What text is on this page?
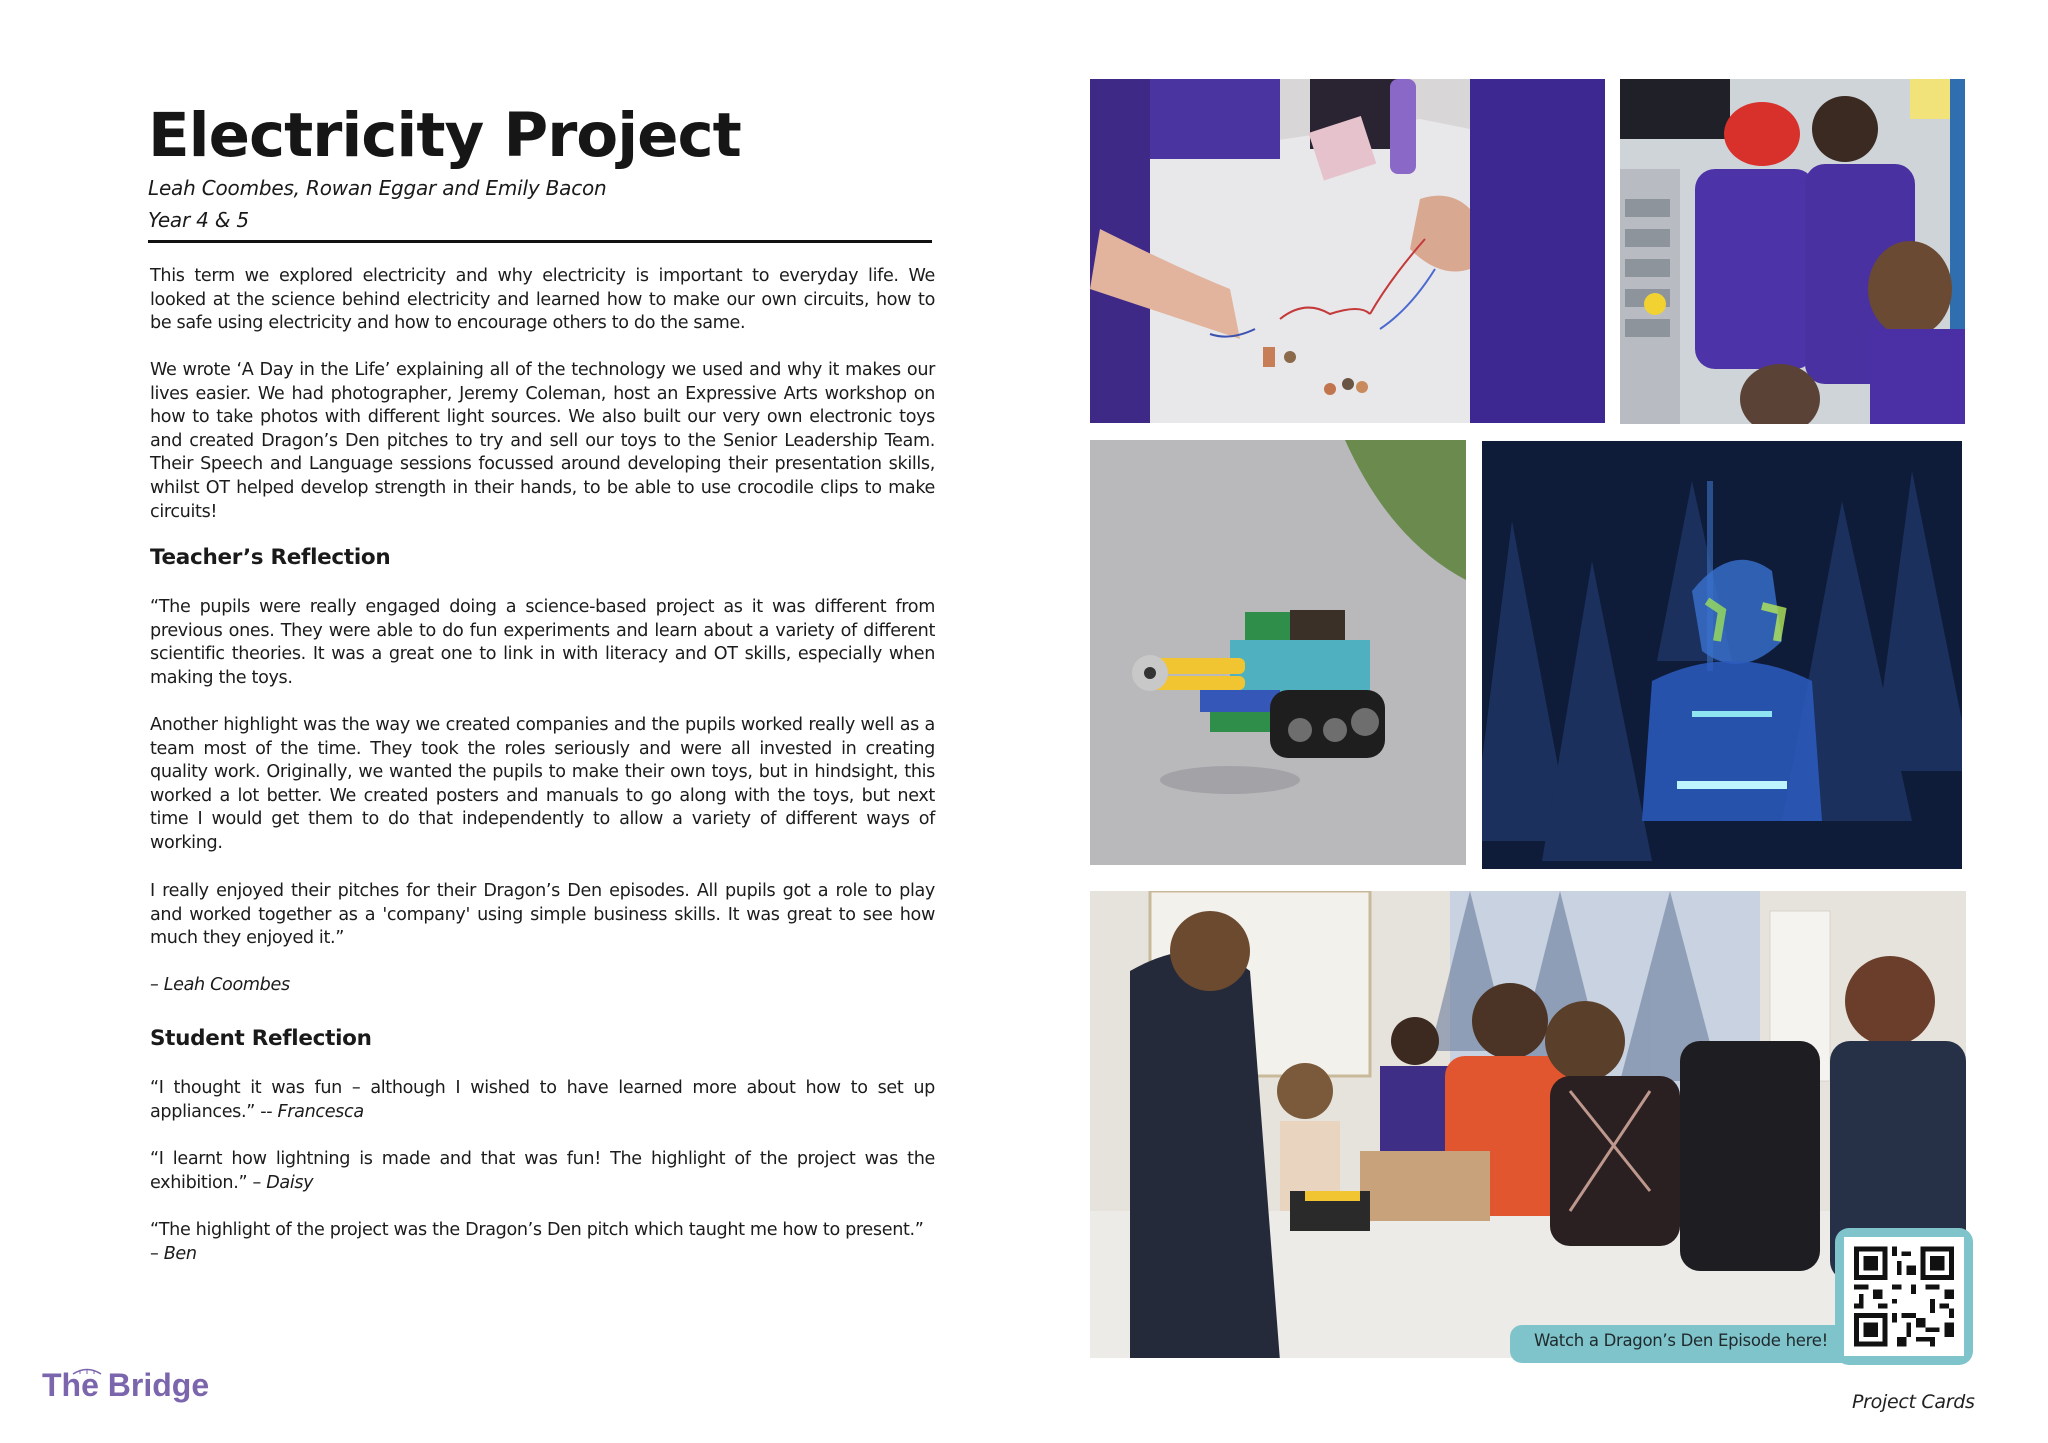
Electricity Project

Leah Coombes, Rowan Eggar and Emily Bacon

Year 4 & 5

This term we explored electricity and why electricity is important to everyday life. We looked at the science behind electricity and learned how to make our own circuits, how to be safe using electricity and how to encourage others to do the same.

We wrote ‘A Day in the Life’ explaining all of the technology we used and why it makes our lives easier. We had photographer, Jeremy Coleman, host an Expressive Arts workshop on how to take photos with different light sources. We also built our very own electronic toys and created Dragon’s Den pitches to try and sell our toys to the Senior Leadership Team. Their Speech and Language sessions focussed around developing their presentation skills, whilst OT helped develop strength in their hands, to be able to use crocodile clips to make circuits!

Teacher’s Reflection

“The pupils were really engaged doing a science-based project as it was different from previous ones. They were able to do fun experiments and learn about a variety of different scientific theories. It was a great one to link in with literacy and OT skills, especially when making the toys.

Another highlight was the way we created companies and the pupils worked really well as a team most of the time. They took the roles seriously and were all invested in creating quality work. Originally, we wanted the pupils to make their own toys, but in hindsight, this worked a lot better. We created posters and manuals to go along with the toys, but next time I would get them to do that independently to allow a variety of different ways of working.

I really enjoyed their pitches for their Dragon’s Den episodes. All pupils got a role to play and worked together as a 'company' using simple business skills. It was great to see how much they enjoyed it.”

– Leah Coombes

Student Reflection

“I thought it was fun – although I wished to have learned more about how to set up appliances.” -- Francesca

“I learnt how lightning is made and that was fun! The highlight of the project was the exhibition.” – Daisy

“The highlight of the project was the Dragon’s Den pitch which taught me how to present.”
– Ben

Watch a Dragon’s Den Episode here!
The Bridge	Project Cards
